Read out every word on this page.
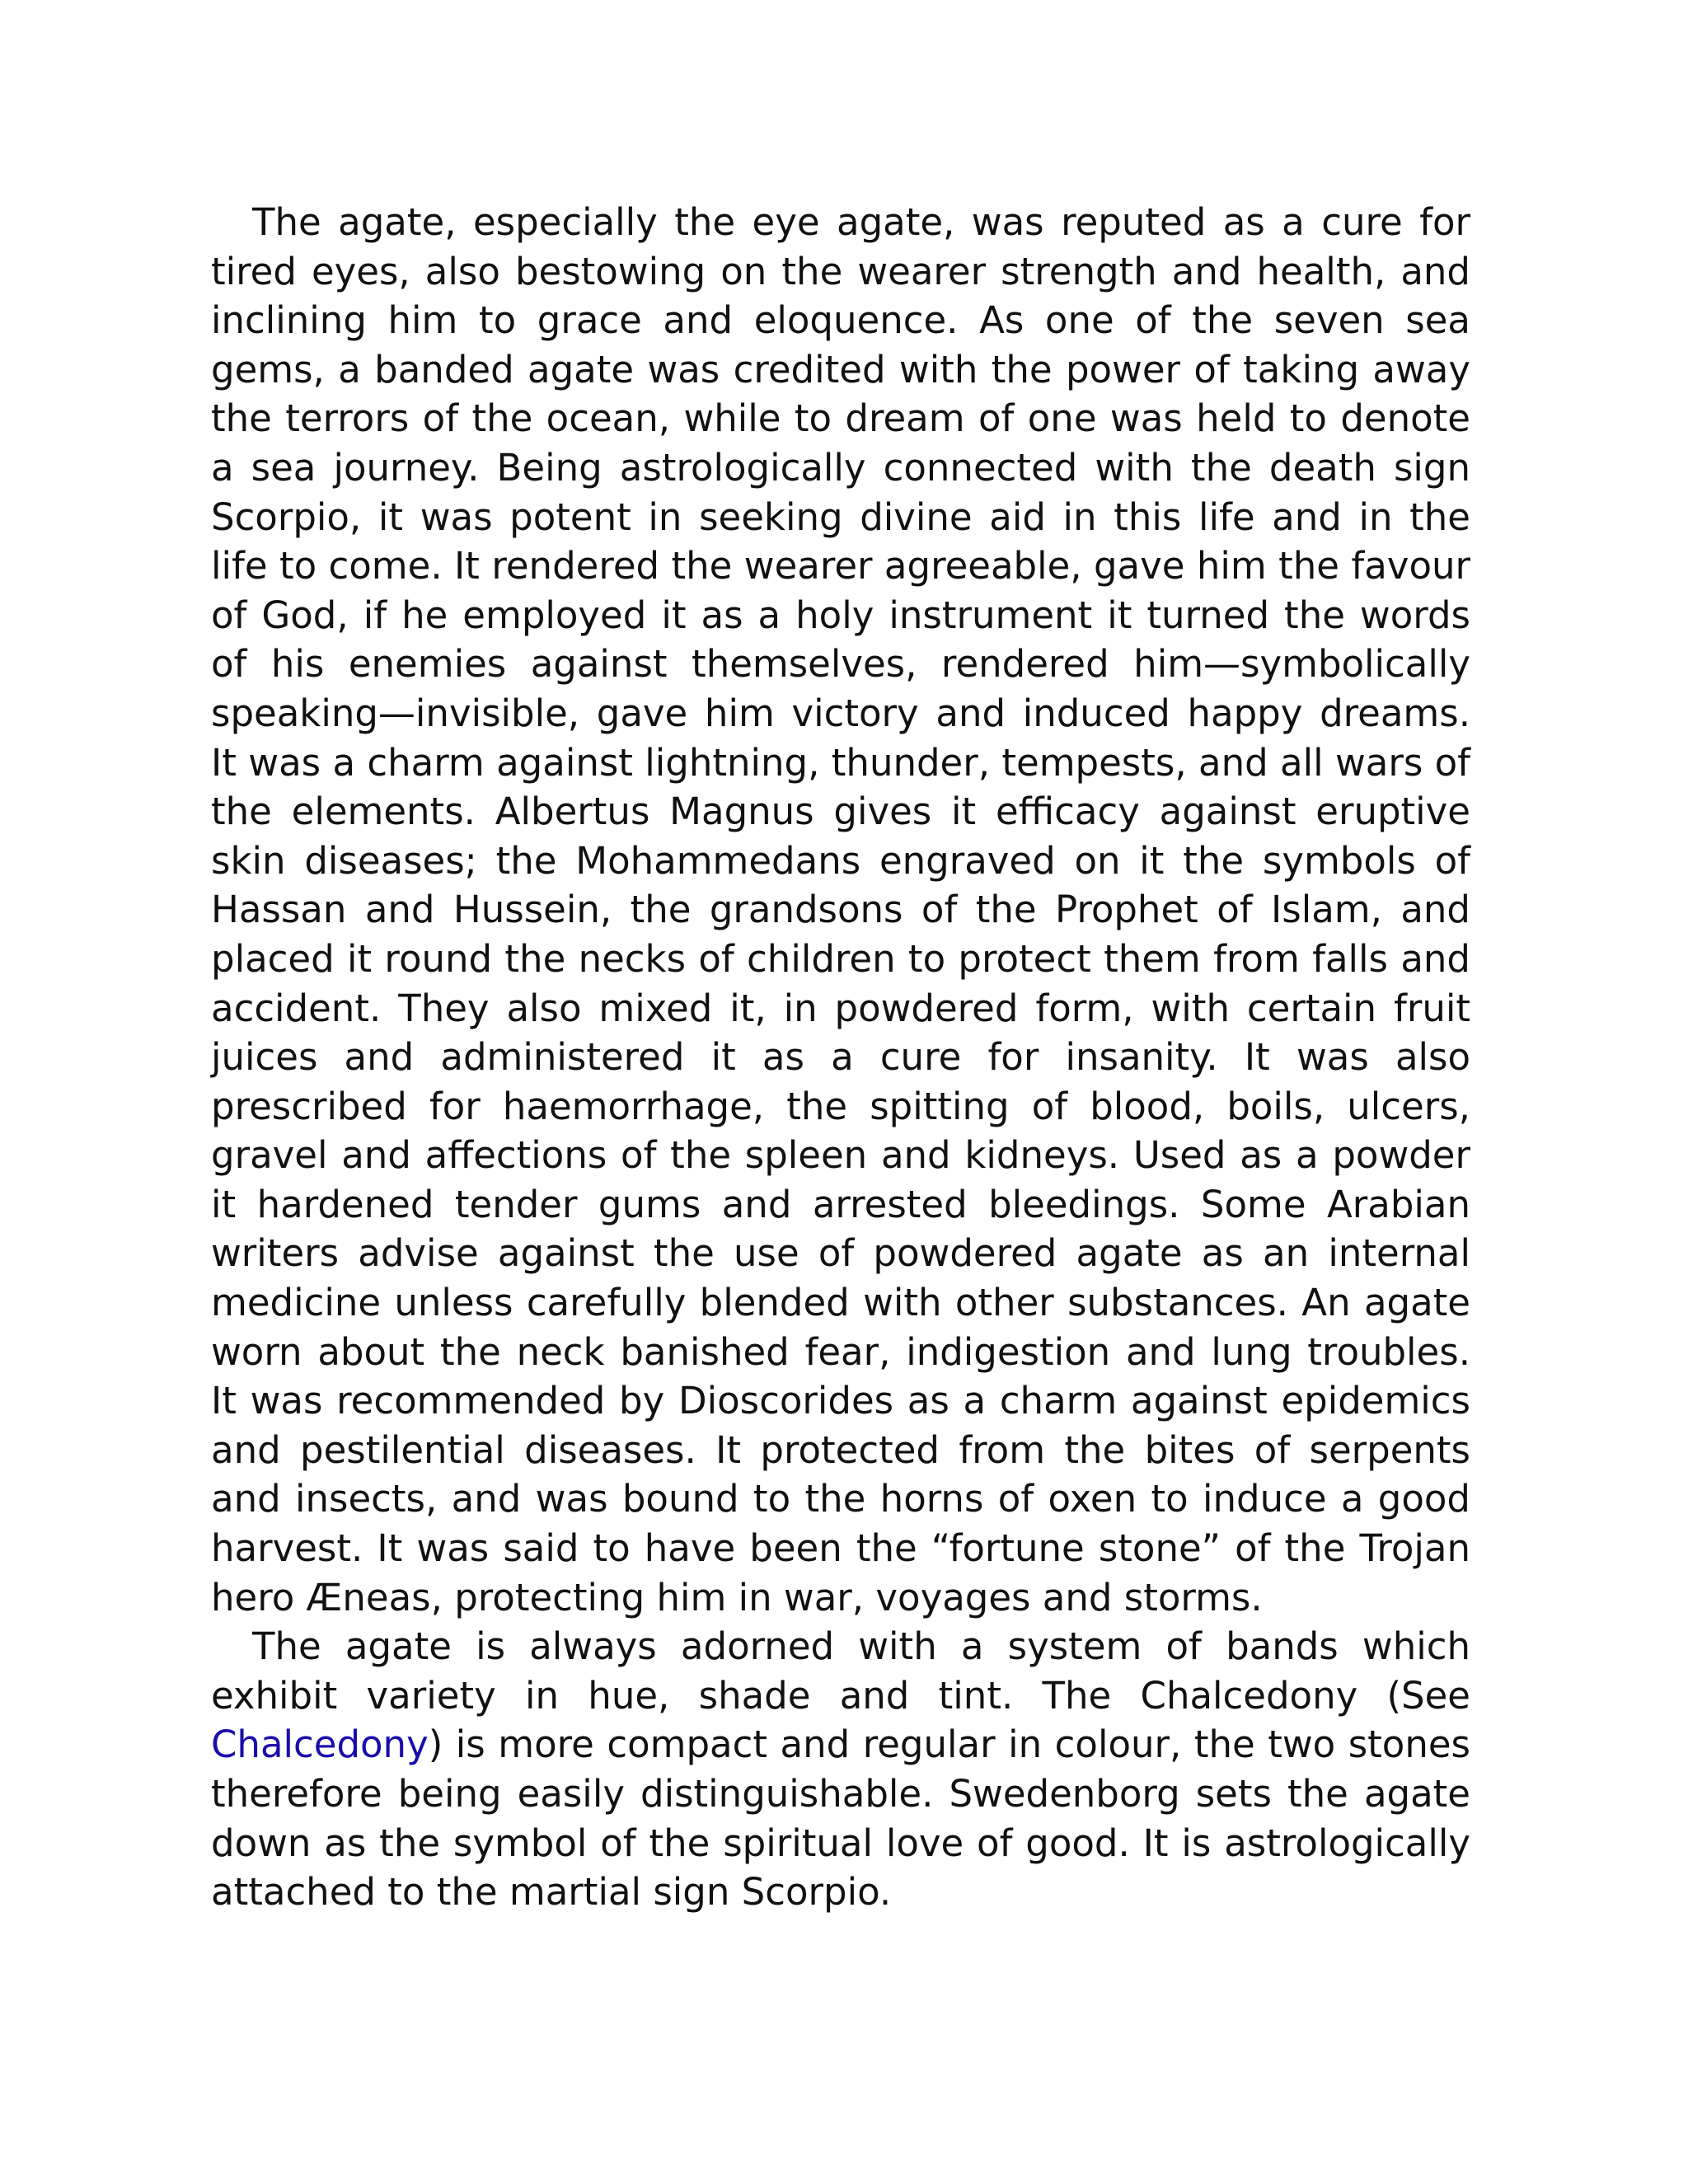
The agate, especially the eye agate, was reputed as a cure for tired eyes, also bestowing on the wearer strength and health, and inclining him to grace and eloquence. As one of the seven sea gems, a banded agate was credited with the power of taking away the terrors of the ocean, while to dream of one was held to denote a sea journey. Being astrologically connected with the death sign Scorpio, it was potent in seeking divine aid in this life and in the life to come. It rendered the wearer agreeable, gave him the favour of God, if he employed it as a holy instrument it turned the words of his enemies against themselves, rendered him—symbolically speaking—invisible, gave him victory and induced happy dreams. It was a charm against lightning, thunder, tempests, and all wars of the elements. Albertus Magnus gives it efficacy against eruptive skin diseases; the Mohammedans engraved on it the symbols of Hassan and Hussein, the grandsons of the Prophet of Islam, and placed it round the necks of children to protect them from falls and accident. They also mixed it, in powdered form, with certain fruit juices and administered it as a cure for insanity. It was also prescribed for haemorrhage, the spitting of blood, boils, ulcers, gravel and affections of the spleen and kidneys. Used as a powder it hardened tender gums and arrested bleedings. Some Arabian writers advise against the use of powdered agate as an internal medicine unless carefully blended with other substances. An agate worn about the neck banished fear, indigestion and lung troubles. It was recommended by Dioscorides as a charm against epidemics and pestilential diseases. It protected from the bites of serpents and insects, and was bound to the horns of oxen to induce a good harvest. It was said to have been the “fortune stone” of the Trojan hero Æneas, protecting him in war, voyages and storms.

The agate is always adorned with a system of bands which exhibit variety in hue, shade and tint. The Chalcedony (See Chalcedony) is more compact and regular in colour, the two stones therefore being easily distinguishable. Swedenborg sets the agate down as the symbol of the spiritual love of good. It is astrologically attached to the martial sign Scorpio.
